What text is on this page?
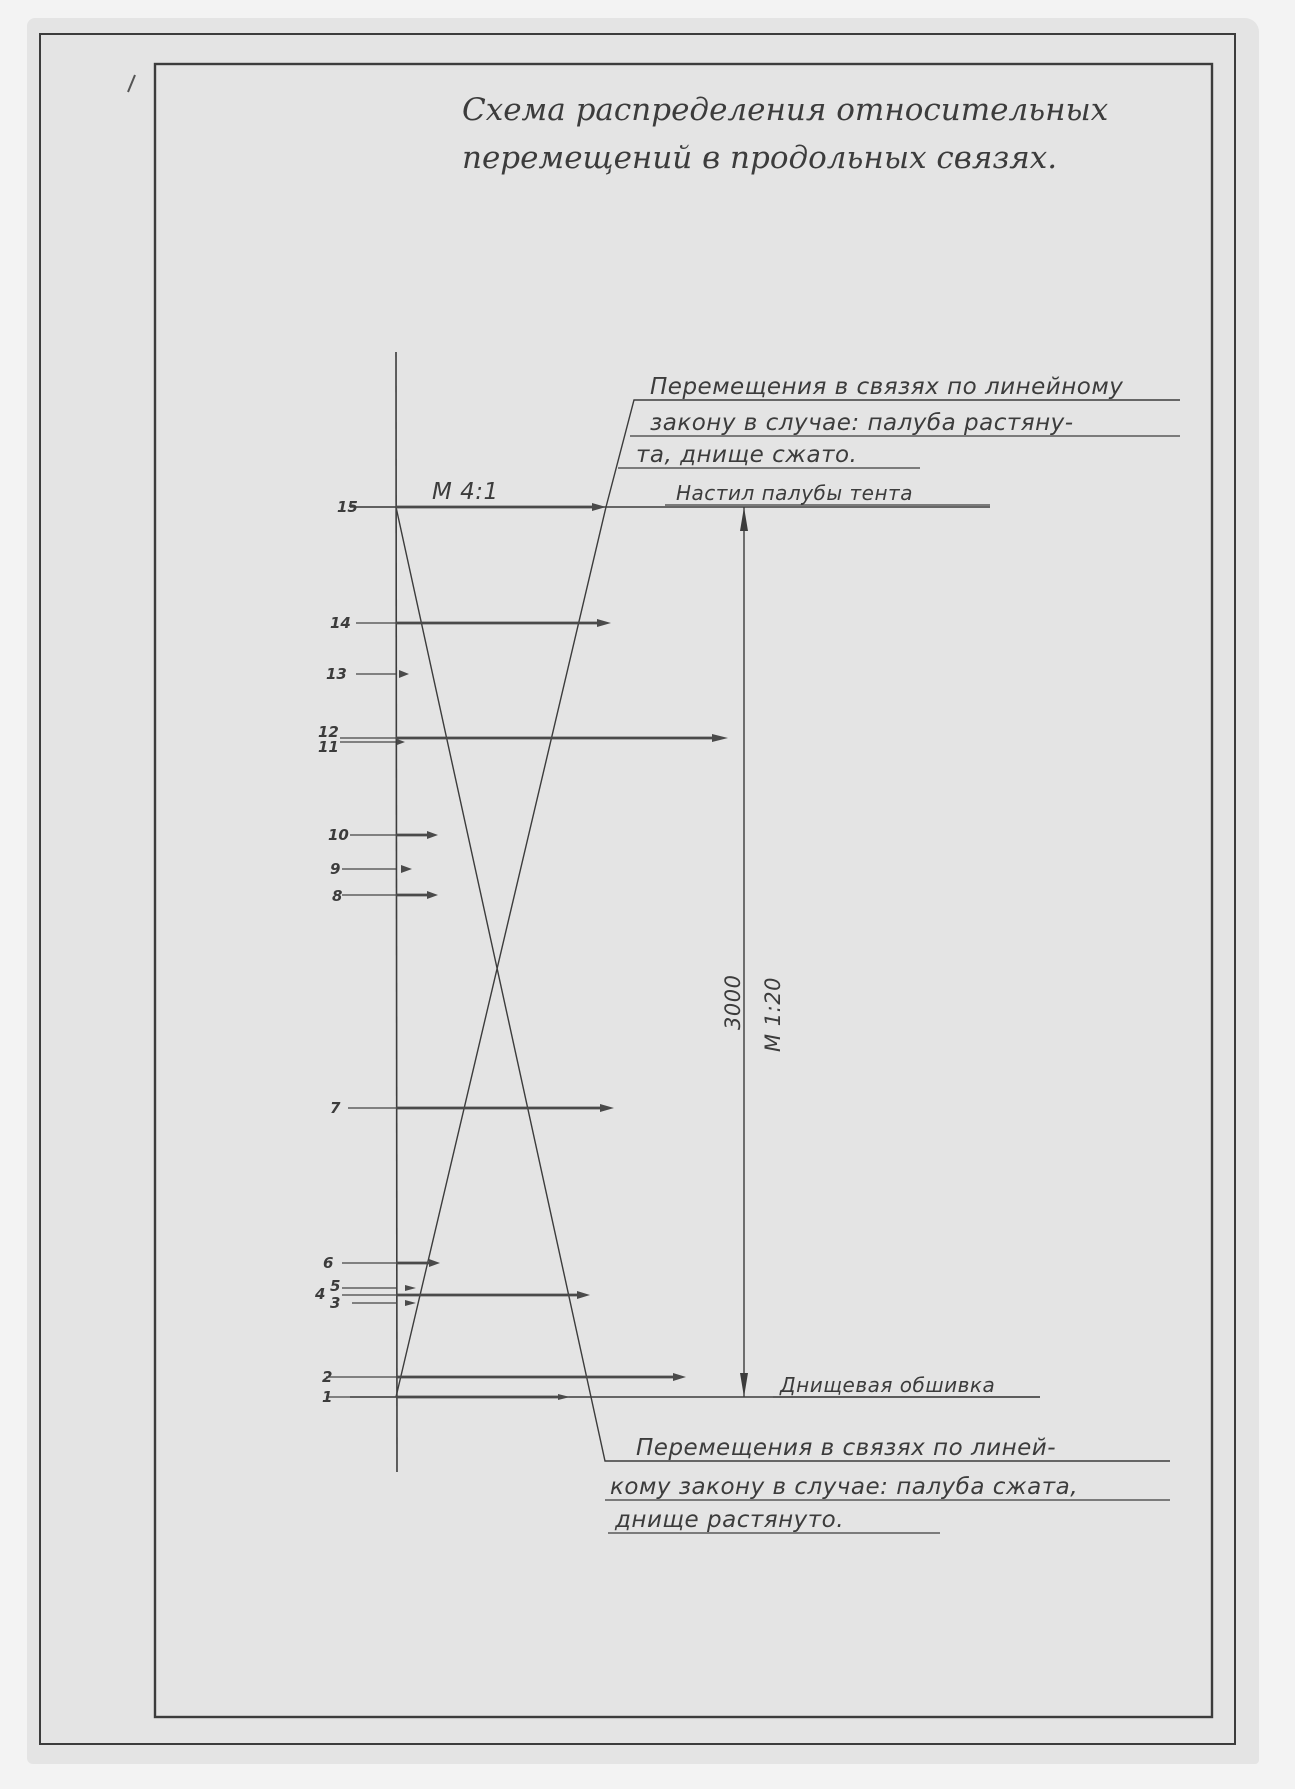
15
14
13
12
11
10
9
8
7
6
5
4 3
2
1
Схема распределения относительных
перемещений в продольных связях.
М 4:1
Перемещения в связях по линейному
закону в случае: палуба растяну-
та, днище сжато.
Настил палубы тента
Днищевая обшивка
3000 М 1:20
Перемещения в связях по линей-
кому закону в случае: палуба сжата,
днище растянуто.
